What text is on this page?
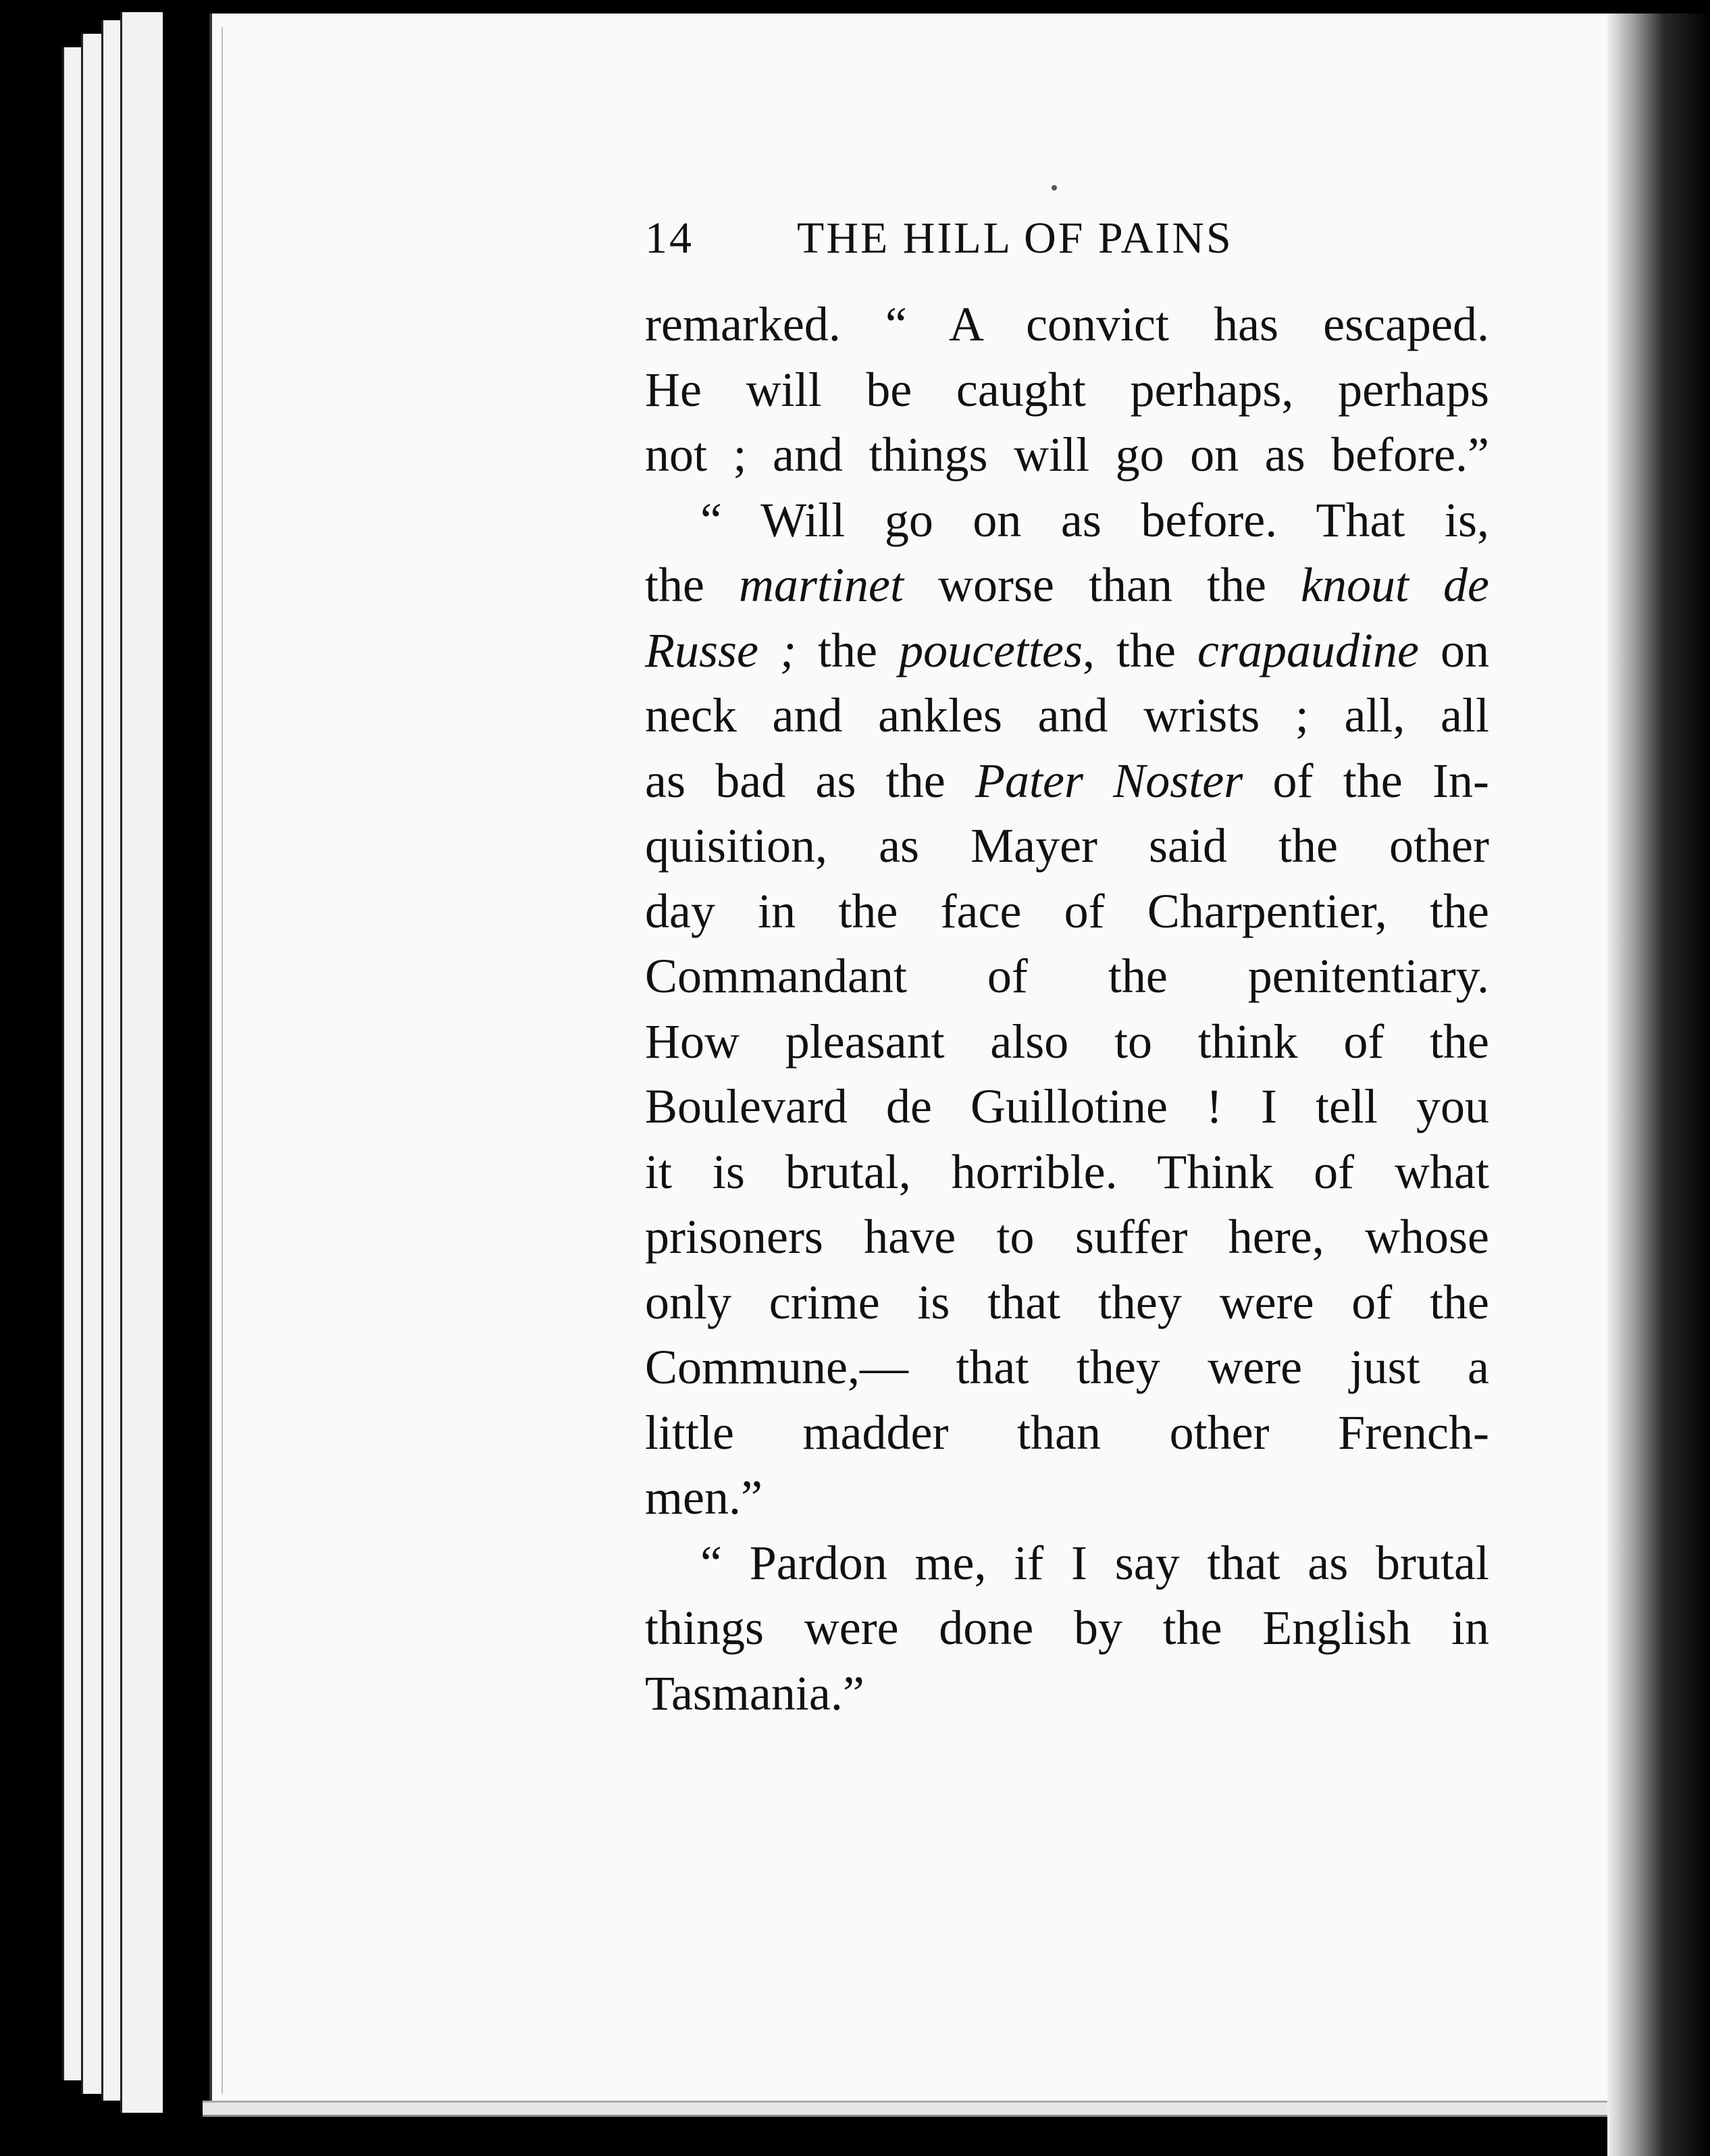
14 THE HILL OF PAINS
remarked. “ A convict has escaped.
He will be caught perhaps, perhaps
not ; and things will go on as before.”
“ Will go on as before. That is,
the martinet worse than the knout de
Russe ; the poucettes, the crapaudine on
neck and ankles and wrists ; all, all
as bad as the Pater Noster of the In-
quisition, as Mayer said the other
day in the face of Charpentier, the
Commandant of the penitentiary.
How pleasant also to think of the
Boulevard de Guillotine ! I tell you
it is brutal, horrible. Think of what
prisoners have to suffer here, whose
only crime is that they were of the
Commune,— that they were just a
little madder than other French-
men.”
“ Pardon me, if I say that as brutal
things were done by the English in
Tasmania.”
